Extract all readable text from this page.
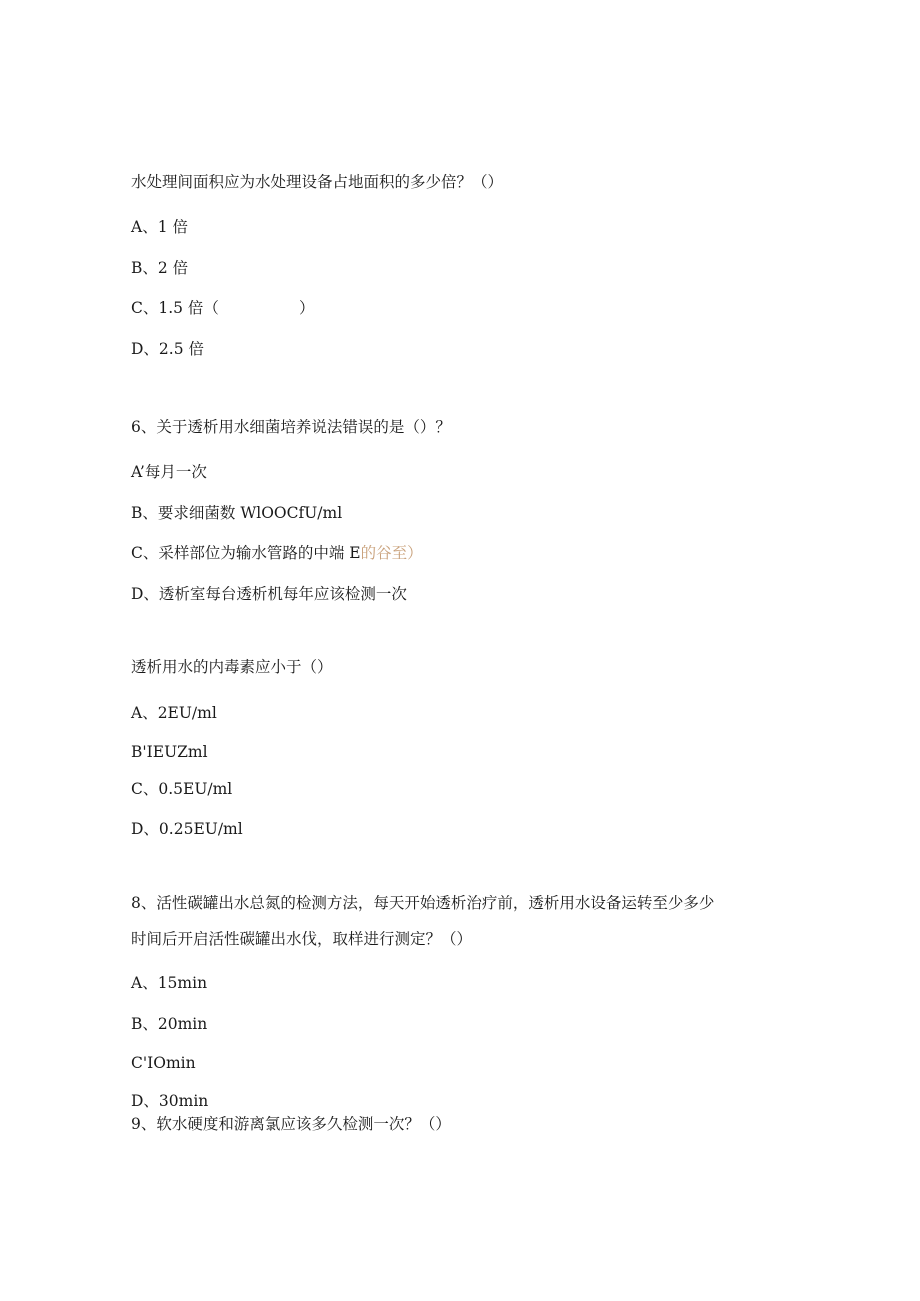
水处理间面积应为水处理设备占地面积的多少倍？（）
A、1 倍
B、2 倍
C、1.5 倍（	）
D、2.5 倍
6、关于透析用水细菌培养说法错误的是（）？
A’每月一次
B、要求细菌数 WlOOCfU/ml
C、采样部位为输水管路的中端 E的谷至）
D、透析室每台透析机每年应该检测一次
透析用水的内毒素应小于（）
A、2EU∕ml
B'IEUZml
C、0.5EU∕ml
D、0.25EU∕ml
8、活性碳罐出水总氮的检测方法，每天开始透析治疗前，透析用水设备运转至少多少
时间后开启活性碳罐出水伐，取样进行测定？（）
A、15min
B、20min
C'IOmin
D、30min
9、软水硬度和游离氯应该多久检测一次？（）
